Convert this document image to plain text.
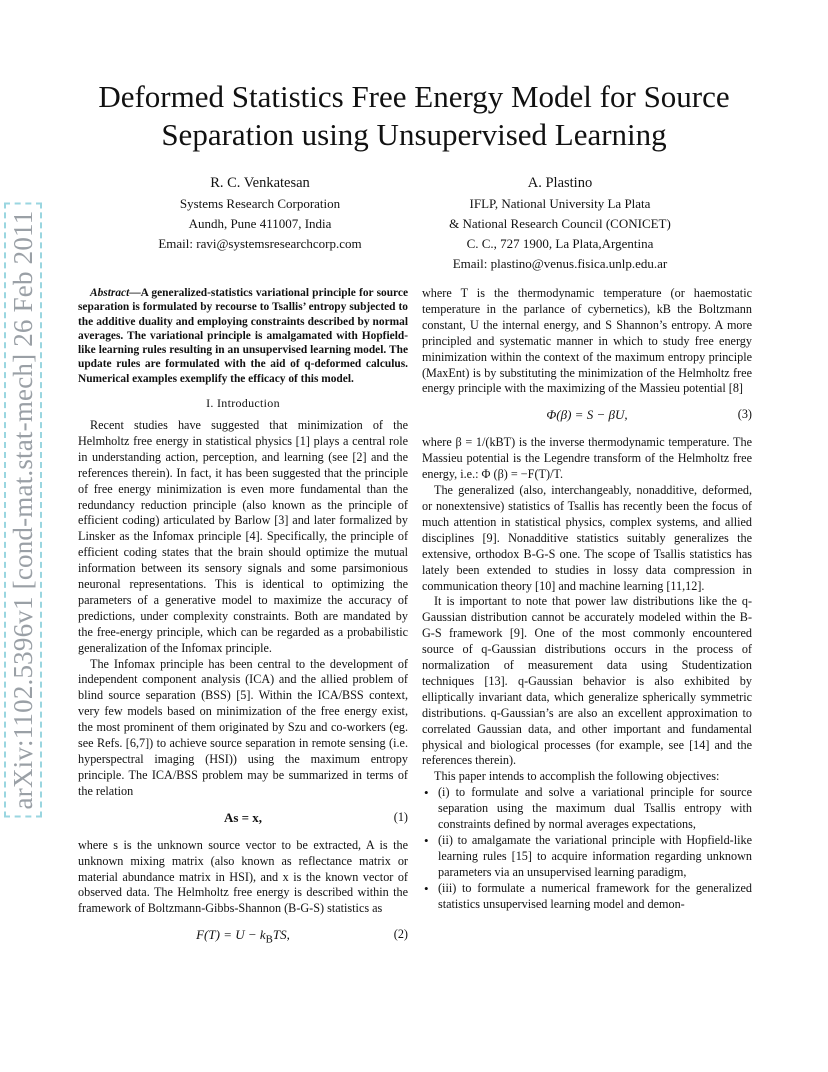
arXiv:1102.5396v1 [cond-mat.stat-mech] 26 Feb 2011
Deformed Statistics Free Energy Model for Source Separation using Unsupervised Learning
R. C. Venkatesan
Systems Research Corporation
Aundh, Pune 411007, India
Email: ravi@systemsresearchcorp.com
A. Plastino
IFLP, National University La Plata
& National Research Council (CONICET)
C. C., 727 1900, La Plata,Argentina
Email: plastino@venus.fisica.unlp.edu.ar

Abstract—A generalized-statistics variational principle for source separation is formulated by recourse to Tsallis’ entropy subjected to the additive duality and employing constraints described by normal averages. The variational principle is amalgamated with Hopfield-like learning rules resulting in an unsupervised learning model. The update rules are formulated with the aid of q-deformed calculus. Numerical examples exemplify the efficacy of this model.

I. Introduction

Recent studies have suggested that minimization of the Helmholtz free energy in statistical physics [1] plays a central role in understanding action, perception, and learning (see [2] and the references therein). In fact, it has been suggested that the principle of free energy minimization is even more fundamental than the redundancy reduction principle (also known as the principle of efficient coding) articulated by Barlow [3] and later formalized by Linsker as the Infomax principle [4]. Specifically, the principle of efficient coding states that the brain should optimize the mutual information between its sensory signals and some parsimonious neuronal representations. This is identical to optimizing the parameters of a generative model to maximize the accuracy of predictions, under complexity constraints. Both are mandated by the free-energy principle, which can be regarded as a probabilistic generalization of the Infomax principle.

The Infomax principle has been central to the development of independent component analysis (ICA) and the allied problem of blind source separation (BSS) [5]. Within the ICA/BSS context, very few models based on minimization of the free energy exist, the most prominent of them originated by Szu and co-workers (eg. see Refs. [6,7]) to achieve source separation in remote sensing (i.e. hyperspectral imaging (HSI)) using the maximum entropy principle. The ICA/BSS problem may be summarized in terms of the relation

As = x,	(1)

where s is the unknown source vector to be extracted, A is the unknown mixing matrix (also known as reflectance matrix or material abundance matrix in HSI), and x is the known vector of observed data. The Helmholtz free energy is described within the framework of Boltzmann-Gibbs-Shannon (B-G-S) statistics as

$F(T) = U - k_BTS$,	(2)

where T is the thermodynamic temperature (or haemostatic temperature in the parlance of cybernetics), kB the Boltzmann constant, U the internal energy, and S Shannon’s entropy. A more principled and systematic manner in which to study free energy minimization within the context of the maximum entropy principle (MaxEnt) is by substituting the minimization of the Helmholtz free energy principle with the maximizing of the Massieu potential [8]

Φ(β) = S − βU,	(3)

where β = 1/(kBT) is the inverse thermodynamic temperature. The Massieu potential is the Legendre transform of the Helmholtz free energy, i.e.: Φ (β) = −F(T)/T.

The generalized (also, interchangeably, nonadditive, deformed, or nonextensive) statistics of Tsallis has recently been the focus of much attention in statistical physics, complex systems, and allied disciplines [9]. Nonadditive statistics suitably generalizes the extensive, orthodox B-G-S one. The scope of Tsallis statistics has lately been extended to studies in lossy data compression in communication theory [10] and machine learning [11,12].

It is important to note that power law distributions like the q-Gaussian distribution cannot be accurately modeled within the B-G-S framework [9]. One of the most commonly encountered source of q-Gaussian distributions occurs in the process of normalization of measurement data using Studentization techniques [13]. q-Gaussian behavior is also exhibited by elliptically invariant data, which generalize spherically symmetric distributions. q-Gaussian’s are also an excellent approximation to correlated Gaussian data, and other important and fundamental physical and biological processes (for example, see [14] and the references therein).

This paper intends to accomplish the following objectives:

• (i) to formulate and solve a variational principle for source separation using the maximum dual Tsallis entropy with constraints defined by normal averages expectations,
• (ii) to amalgamate the variational principle with Hopfield-like learning rules [15] to acquire information regarding unknown parameters via an unsupervised learning paradigm,
• (iii) to formulate a numerical framework for the generalized statistics unsupervised learning model and demon-
